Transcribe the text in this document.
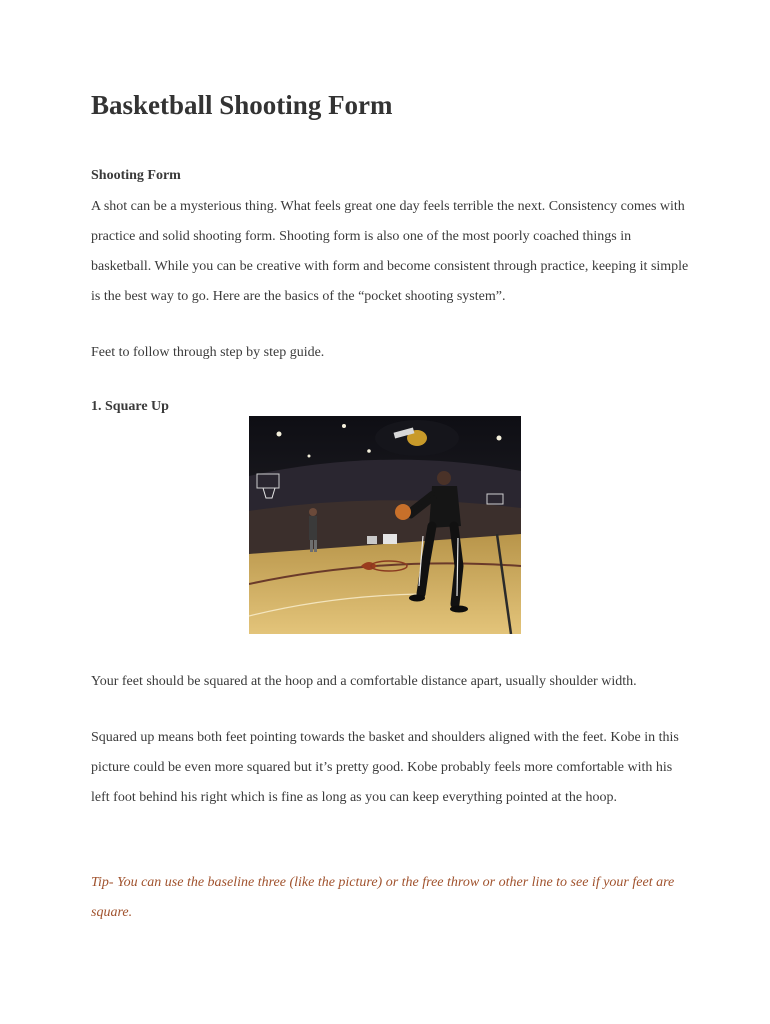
Basketball Shooting Form
Shooting Form

A shot can be a mysterious thing. What feels great one day feels terrible the next. Consistency comes with practice and solid shooting form. Shooting form is also one of the most poorly coached things in basketball. While you can be creative with form and become consistent through practice, keeping it simple is the best way to go. Here are the basics of the “pocket shooting system”.

Feet to follow through step by step guide.

1. Square Up

Your feet should be squared at the hoop and a comfortable distance apart, usually shoulder width.

Squared up means both feet pointing towards the basket and shoulders aligned with the feet. Kobe in this picture could be even more squared but it’s pretty good. Kobe probably feels more comfortable with his left foot behind his right which is fine as long as you can keep everything pointed at the hoop.

Tip- You can use the baseline three (like the picture) or the free throw or other line to see if your feet are square.
